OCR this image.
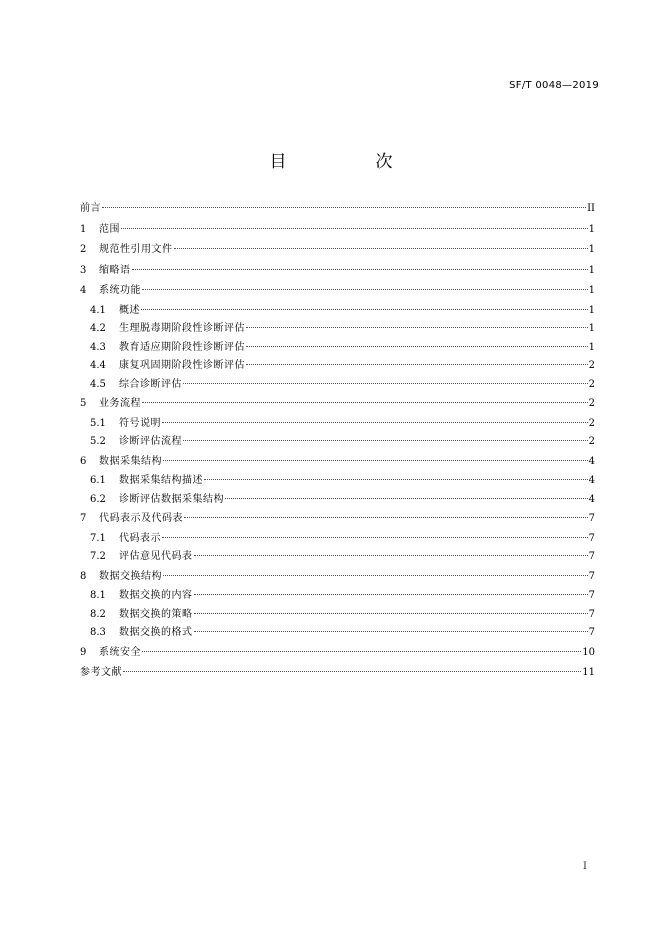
SF/T 0048—2019
目　次
前言	II
1	范围	1
2	规范性引用文件	1
3	缩略语	1
4	系统功能	1
4.1	概述	1
4.2	生理脱毒期阶段性诊断评估	1
4.3	教育适应期阶段性诊断评估	1
4.4	康复巩固期阶段性诊断评估	2
4.5	综合诊断评估	2
5	业务流程	2
5.1	符号说明	2
5.2	诊断评估流程	2
6	数据采集结构	4
6.1	数据采集结构描述	4
6.2	诊断评估数据采集结构	4
7	代码表示及代码表	7
7.1	代码表示	7
7.2	评估意见代码表	7
8	数据交换结构	7
8.1	数据交换的内容	7
8.2	数据交换的策略	7
8.3	数据交换的格式	7
9	系统安全	10
参考文献	11
I
